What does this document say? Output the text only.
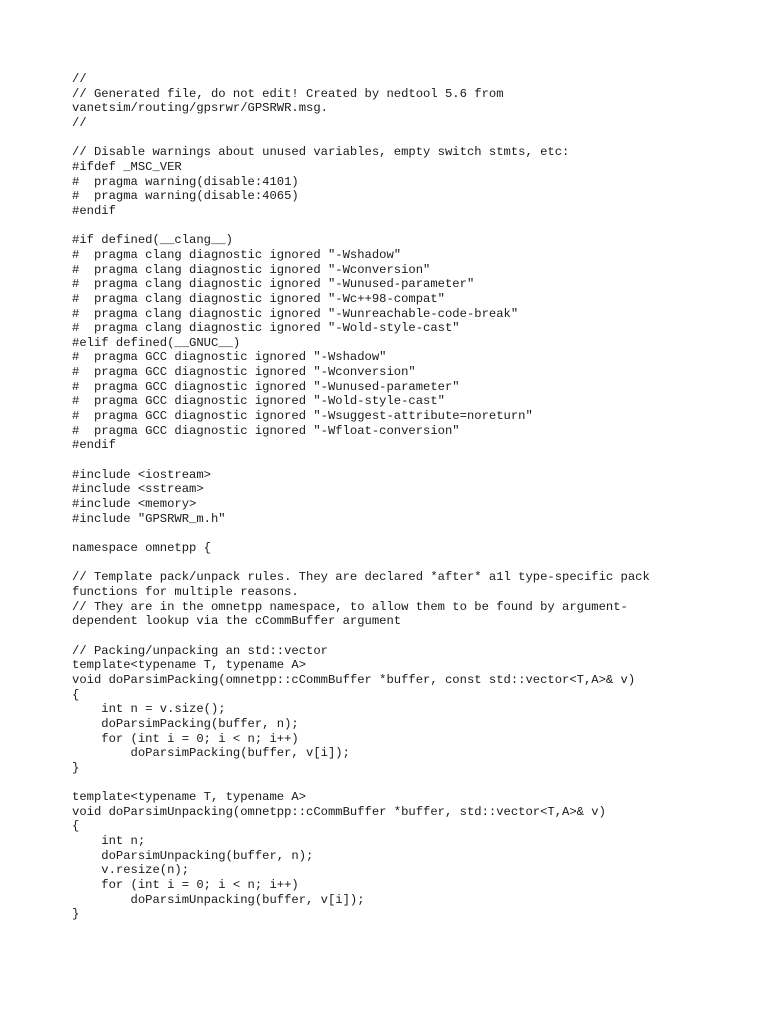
//
// Generated file, do not edit! Created by nedtool 5.6 from
vanetsim/routing/gpsrwr/GPSRWR.msg.
//
// Disable warnings about unused variables, empty switch stmts, etc:
#ifdef _MSC_VER
#  pragma warning(disable:4101)
#  pragma warning(disable:4065)
#endif
#if defined(__clang__)
#  pragma clang diagnostic ignored "-Wshadow"
#  pragma clang diagnostic ignored "-Wconversion"
#  pragma clang diagnostic ignored "-Wunused-parameter"
#  pragma clang diagnostic ignored "-Wc++98-compat"
#  pragma clang diagnostic ignored "-Wunreachable-code-break"
#  pragma clang diagnostic ignored "-Wold-style-cast"
#elif defined(__GNUC__)
#  pragma GCC diagnostic ignored "-Wshadow"
#  pragma GCC diagnostic ignored "-Wconversion"
#  pragma GCC diagnostic ignored "-Wunused-parameter"
#  pragma GCC diagnostic ignored "-Wold-style-cast"
#  pragma GCC diagnostic ignored "-Wsuggest-attribute=noreturn"
#  pragma GCC diagnostic ignored "-Wfloat-conversion"
#endif
#include <iostream>
#include <sstream>
#include <memory>
#include "GPSRWR_m.h"
namespace omnetpp {
// Template pack/unpack rules. They are declared *after* a1l type-specific pack
functions for multiple reasons.
// They are in the omnetpp namespace, to allow them to be found by argument-
dependent lookup via the cCommBuffer argument
// Packing/unpacking an std::vector
template<typename T, typename A>
void doParsimPacking(omnetpp::cCommBuffer *buffer, const std::vector<T,A>& v)
{
int n = v.size();
doParsimPacking(buffer, n);
for (int i = 0; i < n; i++)
doParsimPacking(buffer, v[i]);
}
template<typename T, typename A>
void doParsimUnpacking(omnetpp::cCommBuffer *buffer, std::vector<T,A>& v)
{
int n;
doParsimUnpacking(buffer, n);
v.resize(n);
for (int i = 0; i < n; i++)
doParsimUnpacking(buffer, v[i]);
}
